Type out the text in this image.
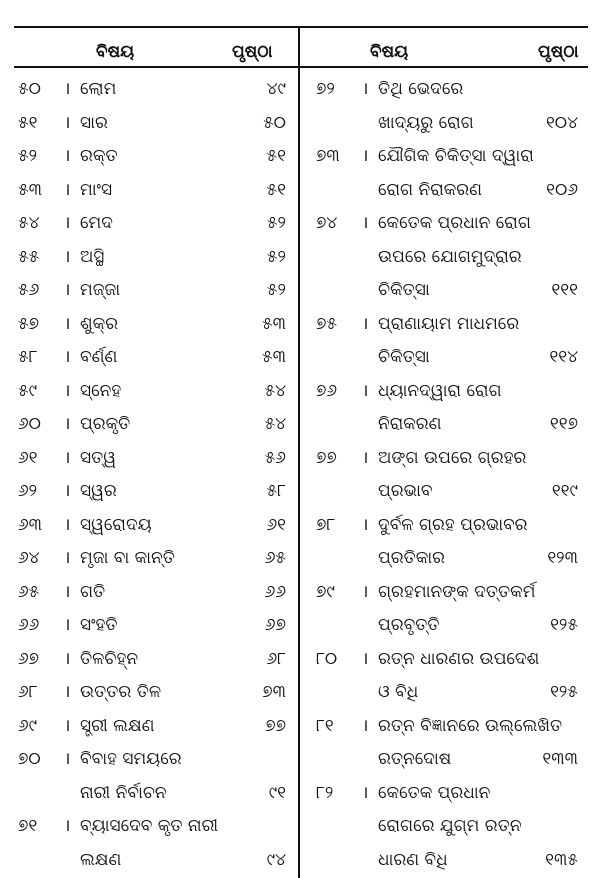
ବିଷୟ	ପୃଷ୍ଠା	ବିଷୟ	ପୃଷ୍ଠା
୫୦	। ଲୋମ	୪୯
୫୧	। ସାର	୫୦
୫୨	। ରକ୍ତ	୫୧
୫୩	। ମାଂସ	୫୧
୫୪	। ମେଦ	୫୨
୫୫	। ଅସ୍ଥି	୫୨
୫୬	। ମଜ୍ଜା	୫୨
୫୭	। ଶୁକ୍ର	୫୩
୫୮	। ବର୍ଣ୍ଣ	୫୩
୫୯	। ସ୍ନେହ	୫୪
୬୦	। ପ୍ରକୃତି	୫୪
୬୧	। ସତ୍ୱ	୫୬
୬୨	। ସ୍ୱର	୫୮
୬୩	। ସ୍ୱରୋଦୟ	୬୧
୬୪	। ମୃଜା ବା କାନ୍ତି	୬୫
୬୫	। ଗତି	୬୬
୬୬	। ସଂହତି	୬୭
୬୭	। ତିଳଚିହ୍ନ	୬୮
୬୮	। ଉତ୍ତର ତିଳ	୭୩
୬୯	। ସ୍ତ୍ରୀ ଲକ୍ଷଣ	୭୭
୭୦	। ବିବାହ ସମୟରେ
ନାରୀ ନିର୍ବାଚନ	୯୧
୭୧	। ବ୍ୟାସଦେବ କୃତ ନାରୀ
ଲକ୍ଷଣ	୯୪
୭୨	। ତିଥି ଭେଦରେ
ଖାଦ୍ୟରୁ ରୋଗ	୧୦୪
୭୩	। ଯୌଗିକ ଚିକିତ୍ସା ଦ୍ୱାରା
ରୋଗ ନିରାକରଣ	୧୦୬
୭୪	। କେତେକ ପ୍ରଧାନ ରୋଗ
ଉପରେ ଯୋଗମୁଦ୍ରାର
ଚିକିତ୍ସା	୧୧୧
୭୫	। ପ୍ରାଣାୟାମ ମାଧମରେ
ଚିକିତ୍ସା	୧୧୪
୭୬	। ଧ୍ୟାନଦ୍ୱାରା ରୋଗ
ନିରାକରଣ	୧୧୭
୭୭	। ଅଙ୍ଗ ଉପରେ ଗ୍ରହର
ପ୍ରଭାବ	୧୧୯
୭୮	। ଦୁର୍ବଳ ଗ୍ରହ ପ୍ରଭାବର
ପ୍ରତିକାର	୧୨୩
୭୯	। ଗ୍ରହମାନଙ୍କ ଦତ୍ତକର୍ମ
ପ୍ରବୃତ୍ତି	୧୨୫
୮୦	। ରତ୍ନ ଧାରଣର ଉପଦେଶ
ଓ ବିଧି	୧୨୫
୮୧	। ରତ୍ନ ବିଜ୍ଞାନରେ ଉଲ୍ଲେଖିତ
ରତ୍ନଦୋଷ	୧୩୩
୮୨	। କେତେକ ପ୍ରଧାନ
ରୋଗରେ ଯୁଗ୍ମ ରତ୍ନ
ଧାରଣ ବିଧି	୧୩୫
